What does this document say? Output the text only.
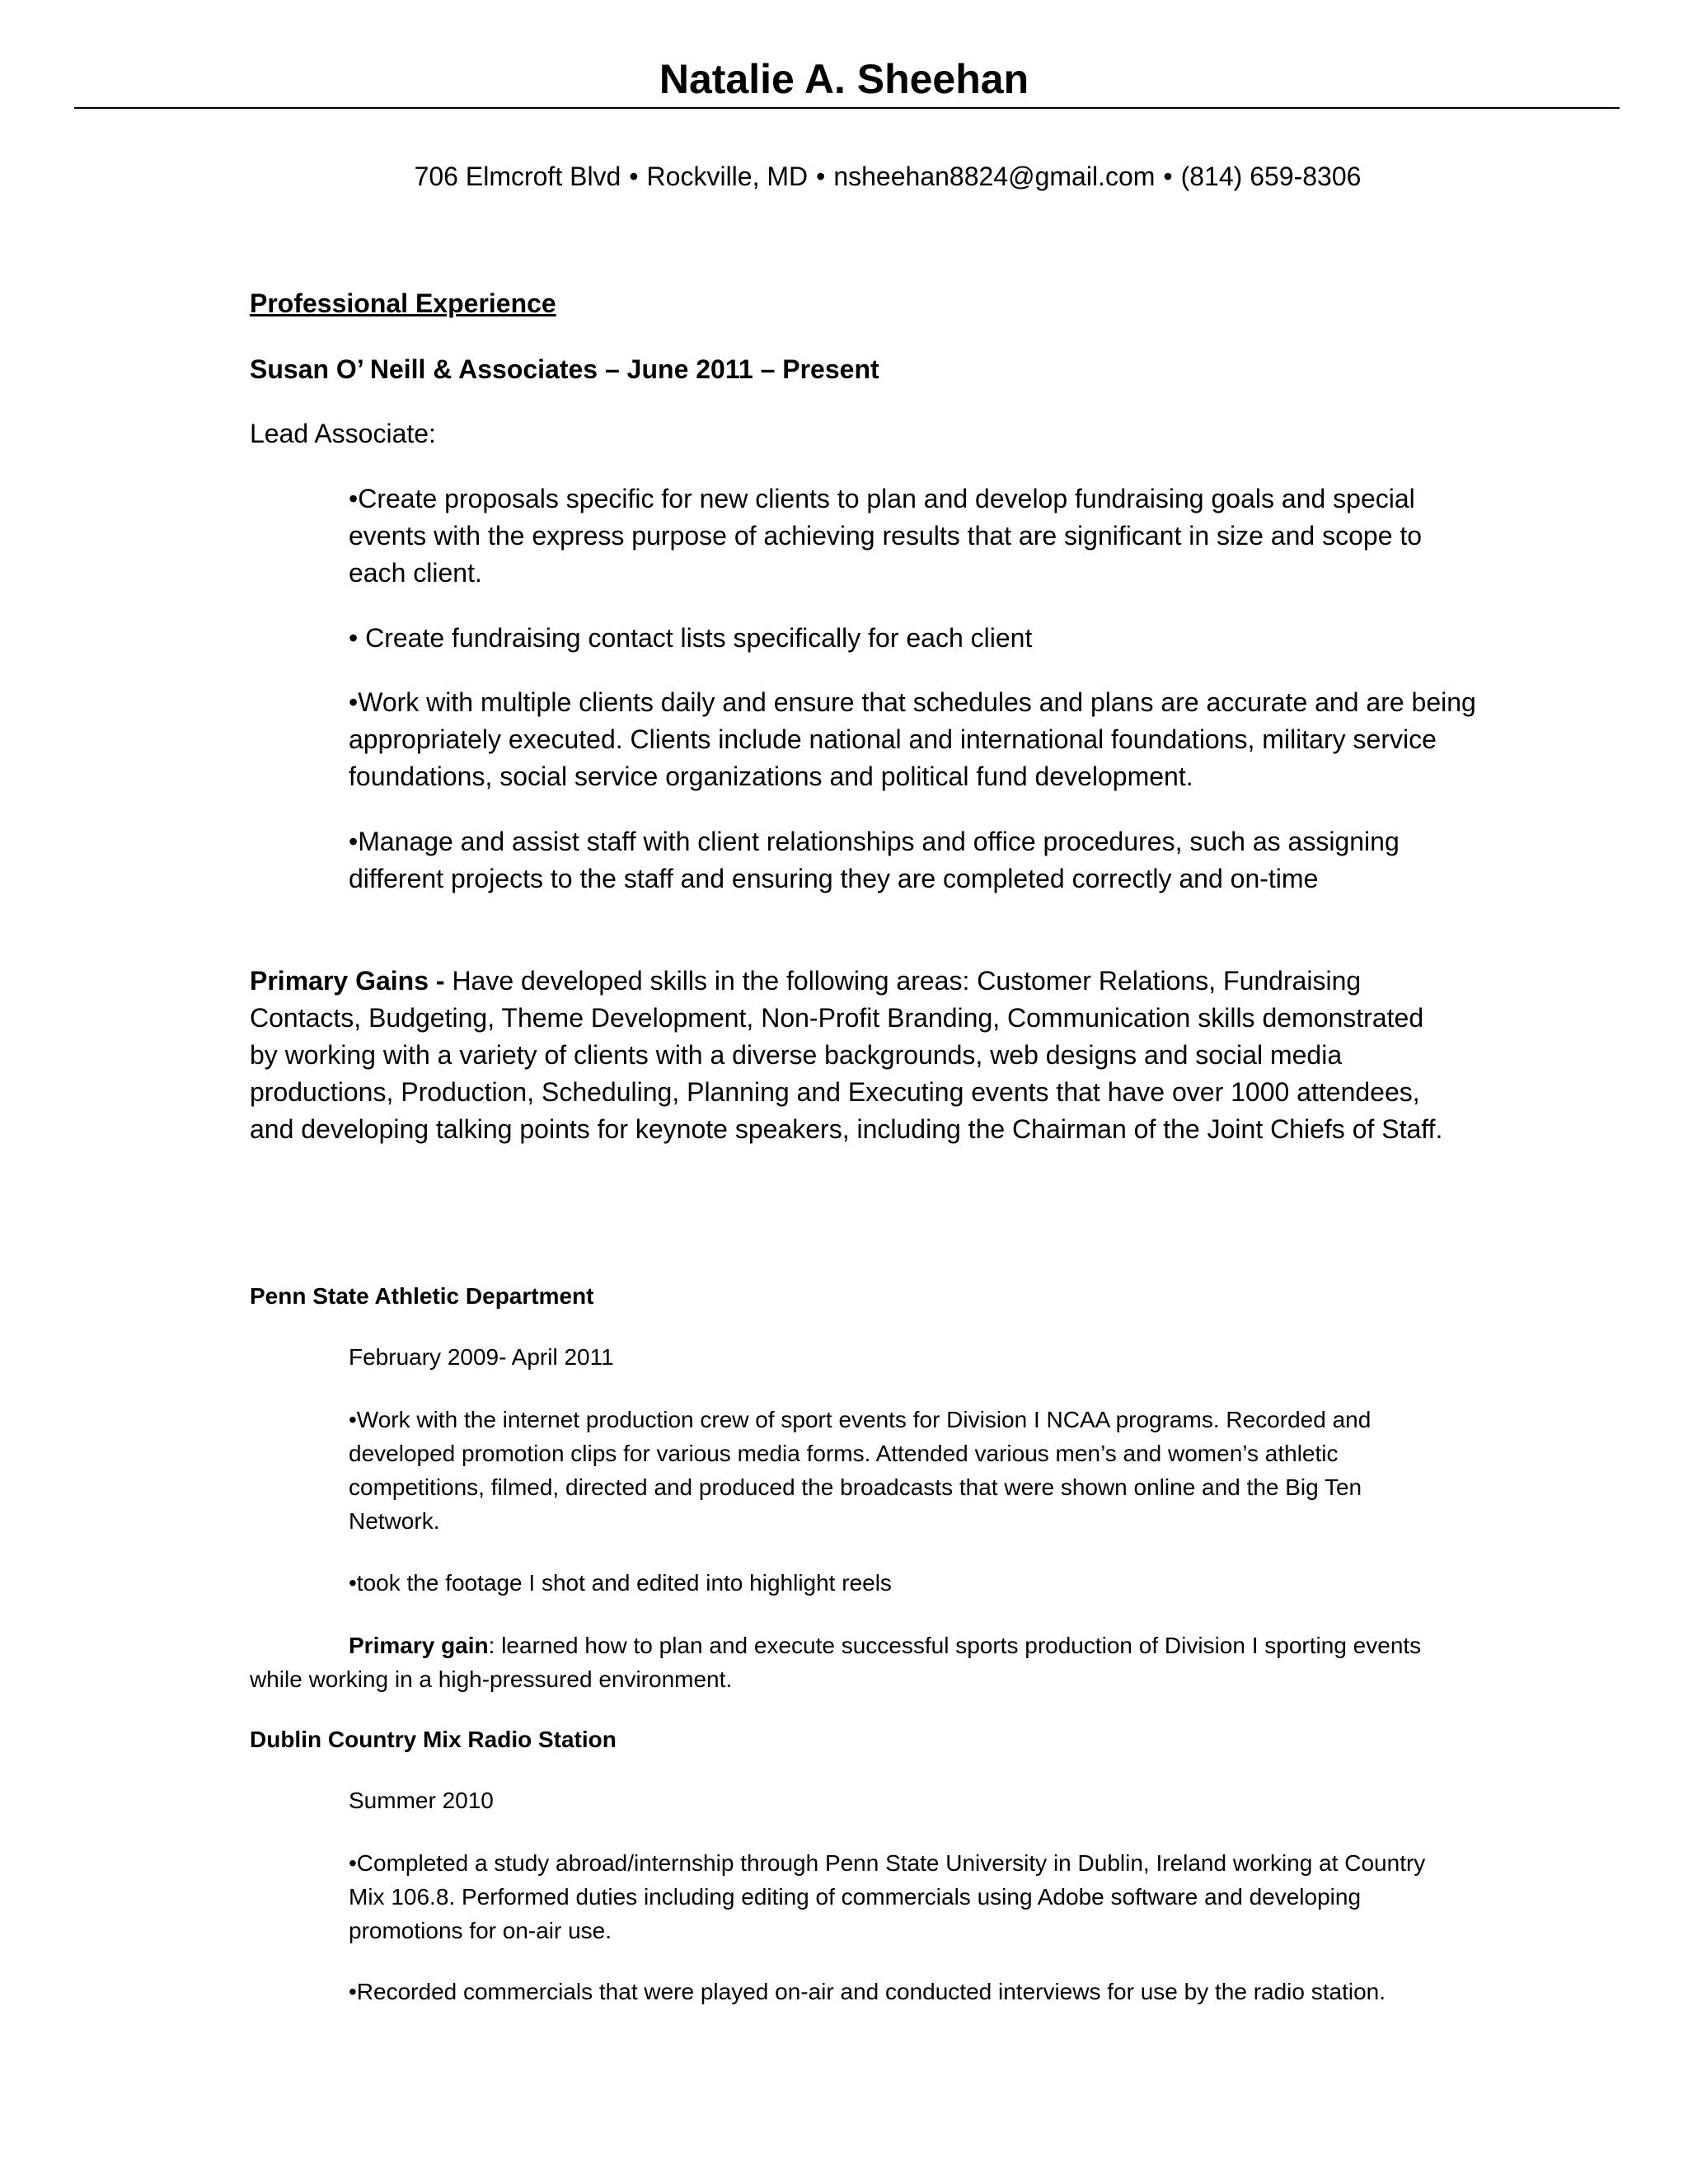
Natalie A. Sheehan
706 Elmcroft Blvd • Rockville, MD • nsheehan8824@gmail.com • (814) 659-8306
Professional Experience
Susan O’ Neill & Associates – June 2011 – Present
Lead Associate:

•Create proposals specific for new clients to plan and develop fundraising goals and special events with the express purpose of achieving results that are significant in size and scope to each client.

• Create fundraising contact lists specifically for each client

•Work with multiple clients daily and ensure that schedules and plans are accurate and are being appropriately executed. Clients include national and international foundations, military service foundations, social service organizations and political fund development.

•Manage and assist staff with client relationships and office procedures, such as assigning different projects to the staff and ensuring they are completed correctly and on-time

Primary Gains - Have developed skills in the following areas: Customer Relations, Fundraising Contacts, Budgeting, Theme Development, Non-Profit Branding, Communication skills demonstrated by working with a variety of clients with a diverse backgrounds, web designs and social media productions, Production, Scheduling, Planning and Executing events that have over 1000 attendees, and developing talking points for keynote speakers, including the Chairman of the Joint Chiefs of Staff.

Penn State Athletic Department
February 2009- April 2011

•Work with the internet production crew of sport events for Division I NCAA programs. Recorded and developed promotion clips for various media forms. Attended various men’s and women’s athletic competitions, filmed, directed and produced the broadcasts that were shown online and the Big Ten Network.

•took the footage I shot and edited into highlight reels

Primary gain: learned how to plan and execute successful sports production of Division I sporting events while working in a high-pressured environment.

Dublin Country Mix Radio Station
Summer 2010

•Completed a study abroad/internship through Penn State University in Dublin, Ireland working at Country Mix 106.8. Performed duties including editing of commercials using Adobe software and developing promotions for on-air use.

•Recorded commercials that were played on-air and conducted interviews for use by the radio station.
